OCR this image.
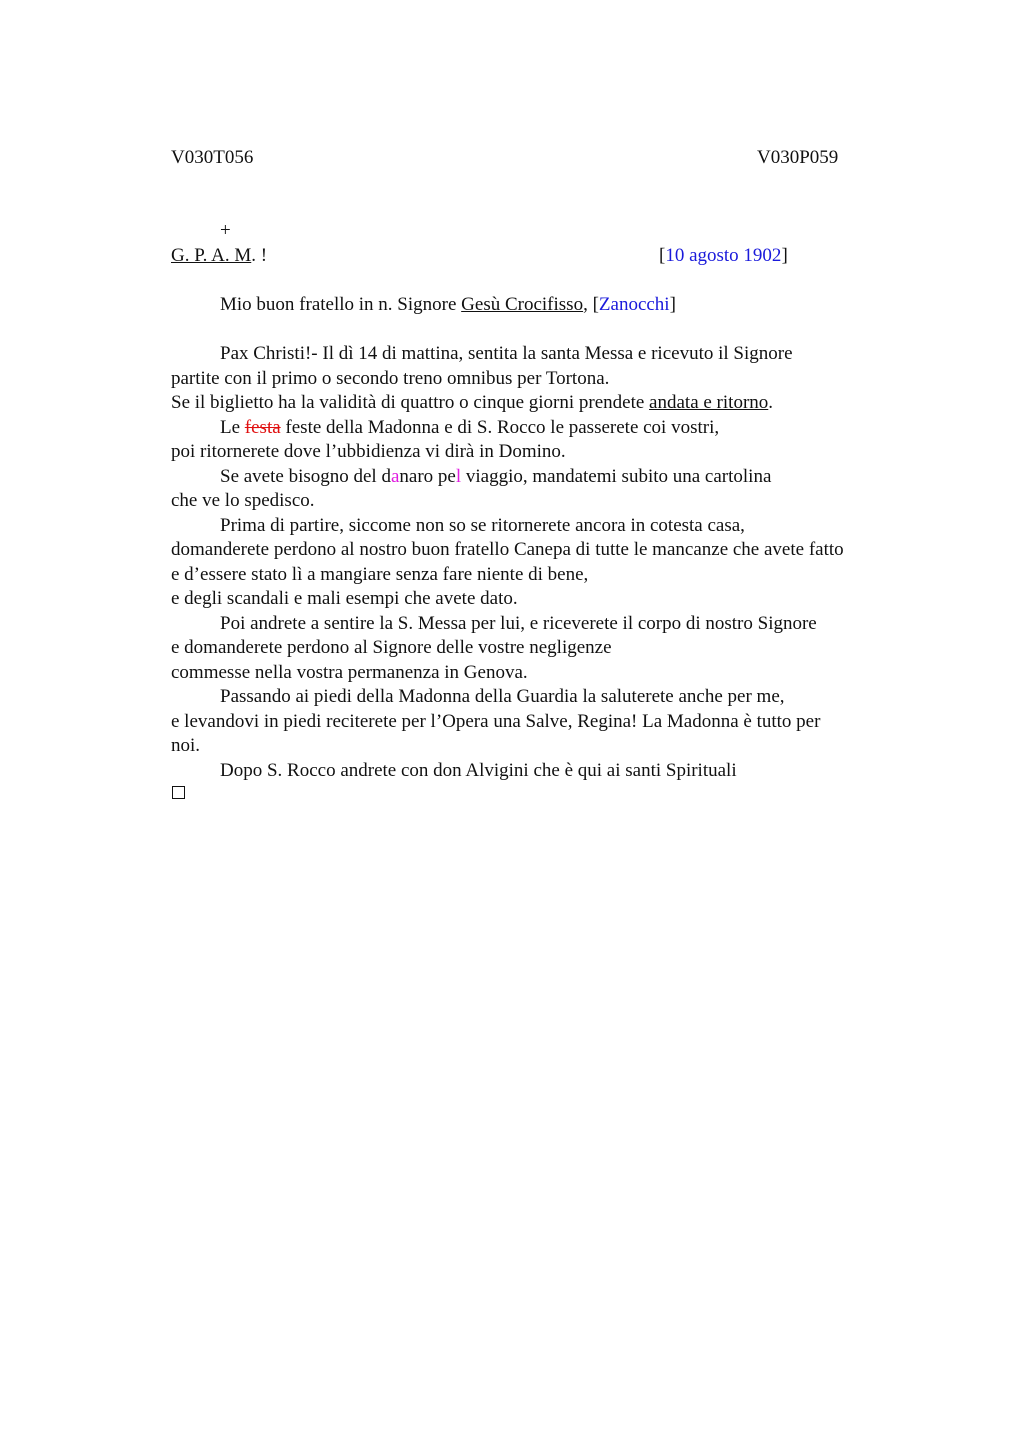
V030T056	V030P059
+
G. P. A. M. !	[10 agosto 1902]
Mio buon fratello in n. Signore Gesù Crocifisso, [Zanocchi]
Pax Christi!- Il dì 14 di mattina, sentita la santa Messa e ricevuto il Signore
partite con il primo o secondo treno omnibus per Tortona.
Se il biglietto ha la validità di quattro o cinque giorni prendete andata e ritorno.
Le festa feste della Madonna e di S. Rocco le passerete coi vostri,
poi ritornerete dove l’ubbidienza vi dirà in Domino.
Se avete bisogno del danaro pel viaggio, mandatemi subito una cartolina
che ve lo spedisco.
Prima di partire, siccome non so se ritornerete ancora in cotesta casa,
domanderete perdono al nostro buon fratello Canepa di tutte le mancanze che avete fatto
e d’essere stato lì a mangiare senza fare niente di bene,
e degli scandali e mali esempi che avete dato.
Poi andrete a sentire la S. Messa per lui, e riceverete il corpo di nostro Signore
e domanderete perdono al Signore delle vostre negligenze
commesse nella vostra permanenza in Genova.
Passando ai piedi della Madonna della Guardia la saluterete anche per me,
e levandovi in piedi reciterete per l’Opera una Salve, Regina! La Madonna è tutto per
noi.
Dopo S. Rocco andrete con don Alvigini che è qui ai santi Spirituali
